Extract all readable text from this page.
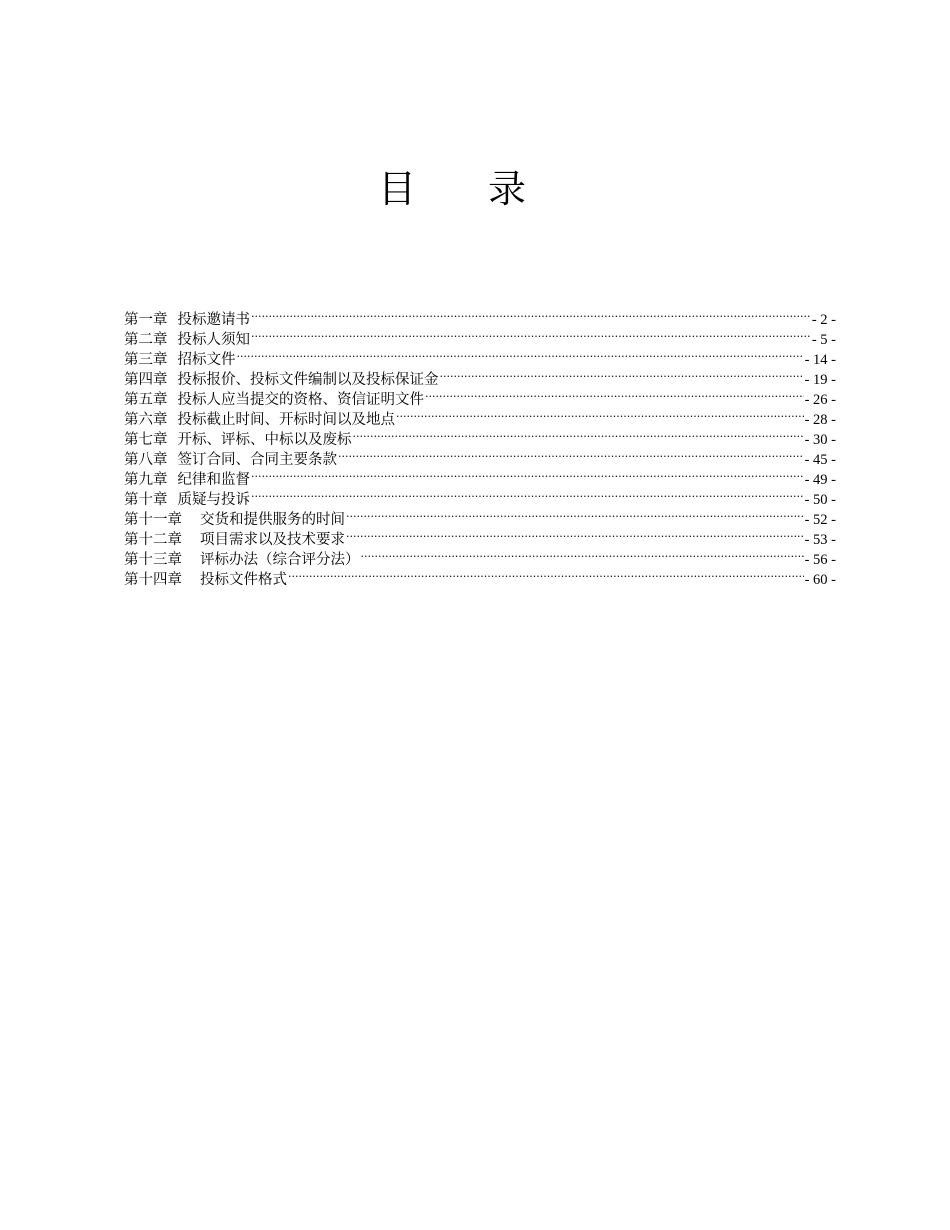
目 录
第一章 投标邀请书 .....	- 2 -
第二章 投标人须知 .....	- 5 -
第三章 招标文件 .....	- 14 -
第四章 投标报价、投标文件编制以及投标保证金 .....	- 19 -
第五章 投标人应当提交的资格、资信证明文件 .....	- 26 -
第六章 投标截止时间、开标时间以及地点 .....	- 28 -
第七章 开标、评标、中标以及废标 .....	- 30 -
第八章 签订合同、合同主要条款 .....	- 45 -
第九章 纪律和监督 .....	- 49 -
第十章 质疑与投诉 .....	- 50 -
第十一章 交货和提供服务的时间 .....	- 52 -
第十二章 项目需求以及技术要求 .....	- 53 -
第十三章 评标办法（综合评分法） .....	- 56 -
第十四章 投标文件格式 .....	- 60 -
